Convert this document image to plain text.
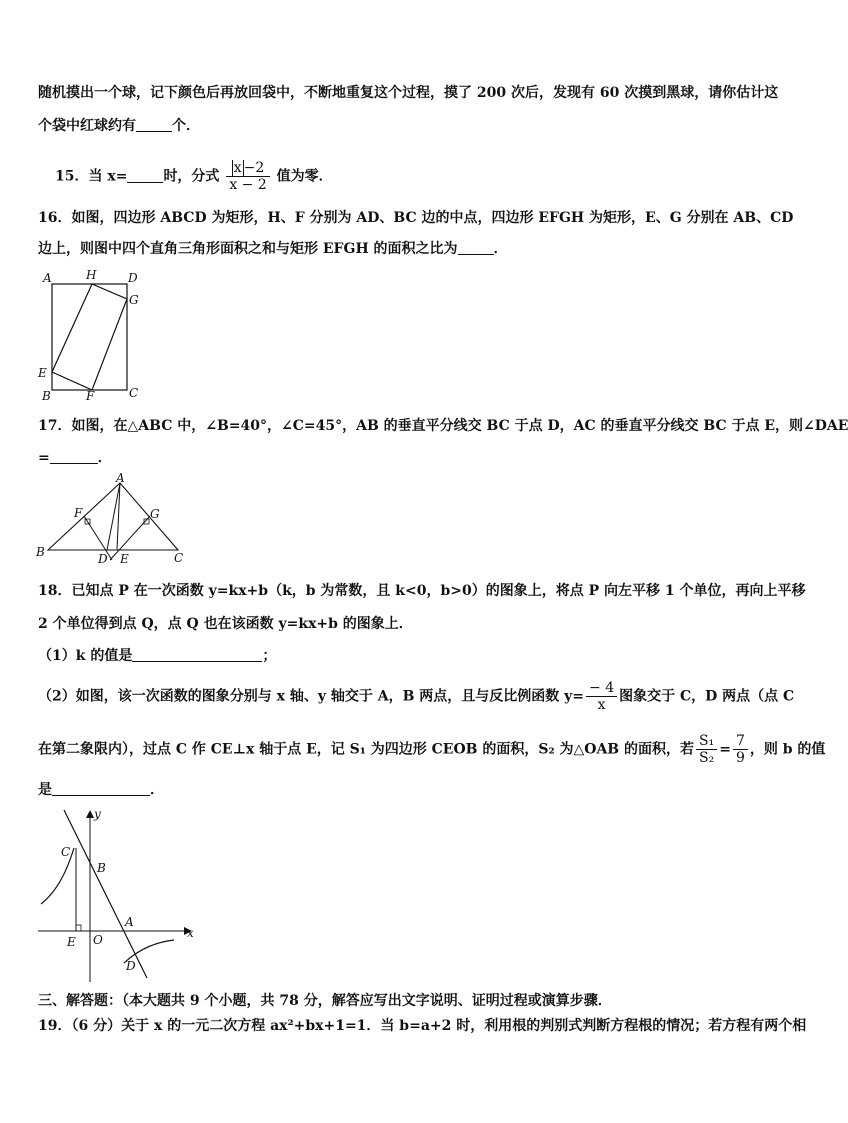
随机摸出一个球，记下颜色后再放回袋中，不断地重复这个过程，摸了 200 次后，发现有 60 次摸到黑球，请你估计这
个袋中红球约有	个．
15．当 x=	时，分式 $\frac{x -2}{x - 2}$ 值为零．
16．如图，四边形 ABCD 为矩形，H、F 分别为 AD、BC 边的中点，四边形 EFGH 为矩形，E、G 分别在 AB、CD
边上，则图中四个直角三角形面积之和与矩形 EFGH 的面积之比为	．
A	H	D
G
E
B	F	C
17．如图，在△ABC 中，∠B=40°，∠C=45°，AB 的垂直平分线交 BC 于点 D，AC 的垂直平分线交 BC 于点 E，则∠DAE
=	．
A
F	G
B	D E	C
18．已知点 P 在一次函数 y=kx+b（k，b 为常数，且 k<0，b>0）的图象上，将点 P 向左平移 1 个单位，再向上平移
2 个单位得到点 Q，点 Q 也在该函数 y=kx+b 的图象上．
（1）k 的值是	；
（2）如图，该一次函数的图象分别与 x 轴、y 轴交于 A，B 两点，且与反比例函数 $y= \frac{- 4}{x}$ 图象交于 C，D 两点（点 C
在第二象限内），过点 C 作 CE⊥x 轴于点 E，记 S₁ 为四边形 CEOB 的面积，S₂ 为△OAB 的面积，若 $\frac{\text{S₁}}{\text{S₂}} = \frac{7}{9}$ ，则 b 的值
是	．
y
x
C
B
A
E O
D
三、解答题：（本大题共 9 个小题，共 78 分，解答应写出文字说明、证明过程或演算步骤．
19．（6 分）关于 x 的一元二次方程 ax²+bx+1=1．当 b=a+2 时，利用根的判别式判断方程根的情况；若方程有两个相
